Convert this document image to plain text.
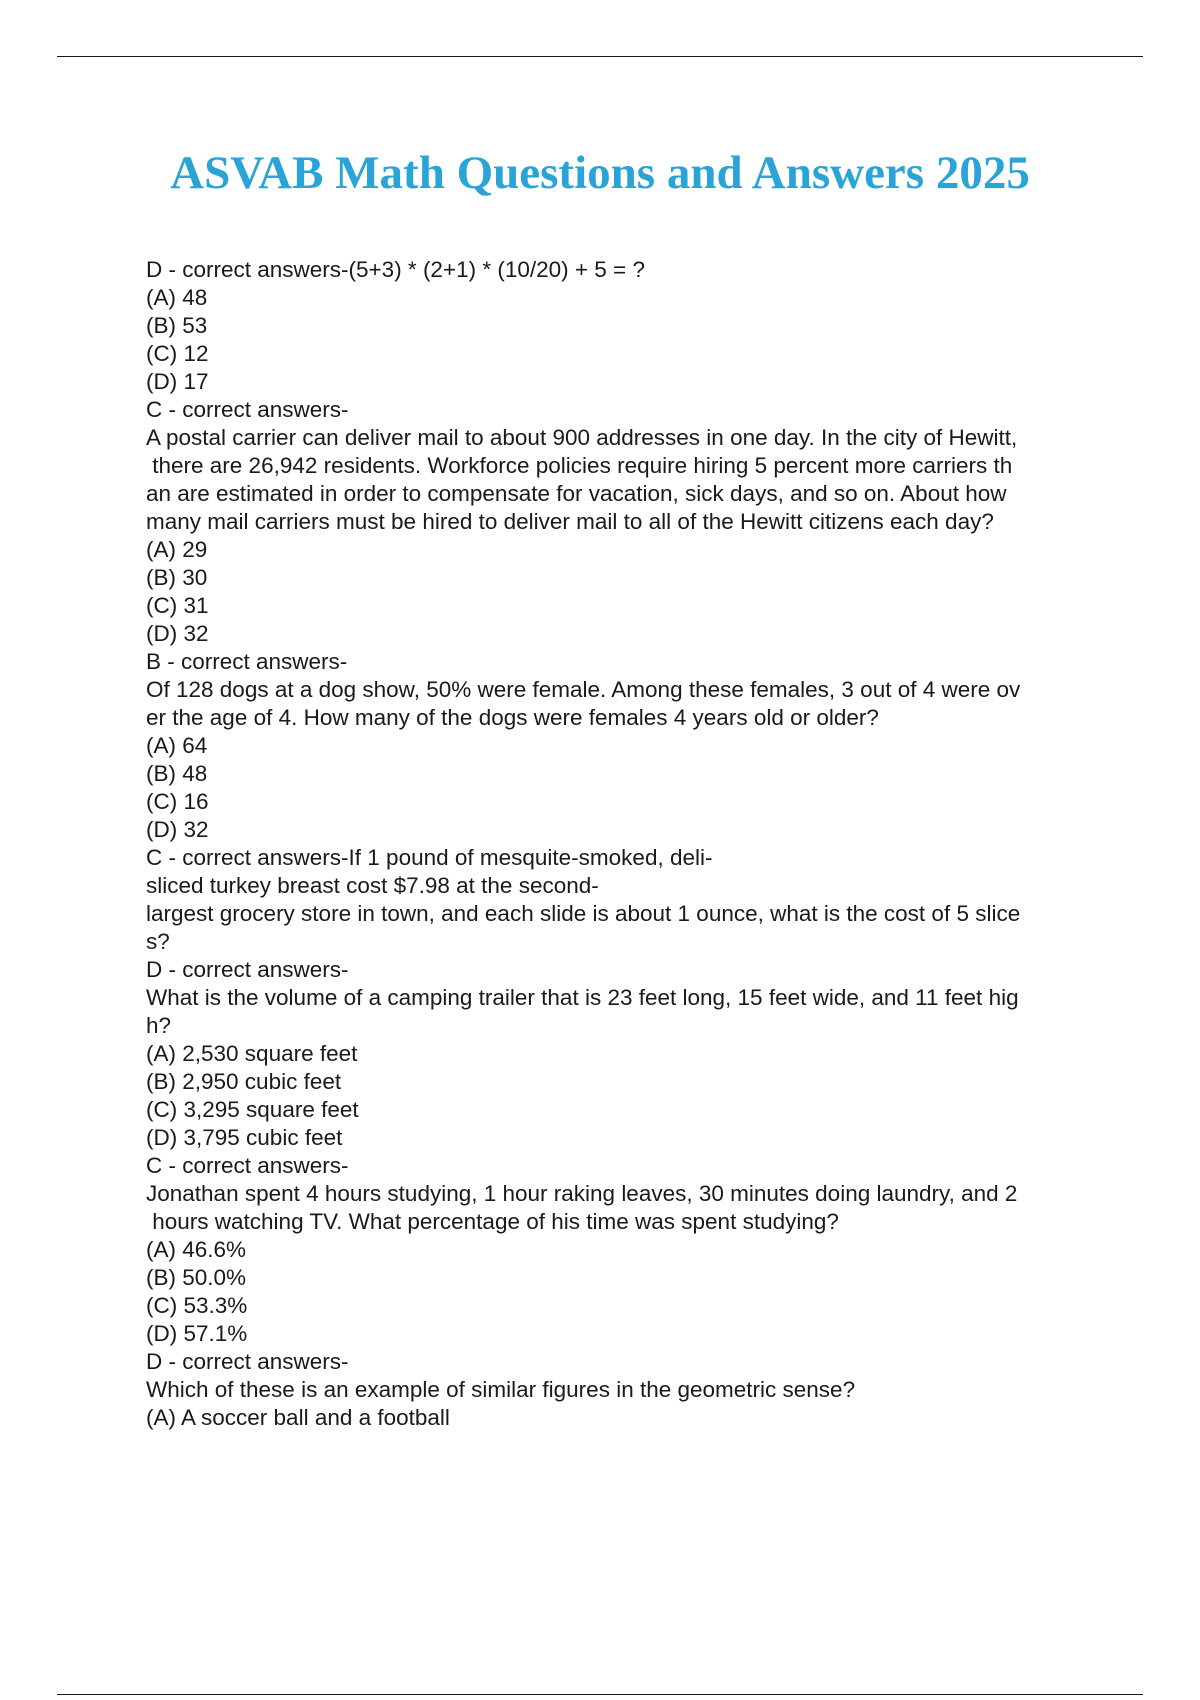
ASVAB Math Questions and Answers 2025
D - correct answers-(5+3) * (2+1) * (10/20) + 5 = ?
(A) 48
(B) 53
(C) 12
(D) 17
C - correct answers-
A postal carrier can deliver mail to about 900 addresses in one day. In the city of Hewitt,
there are 26,942 residents. Workforce policies require hiring 5 percent more carriers th
an are estimated in order to compensate for vacation, sick days, and so on. About how
many mail carriers must be hired to deliver mail to all of the Hewitt citizens each day?
(A) 29
(B) 30
(C) 31
(D) 32
B - correct answers-
Of 128 dogs at a dog show, 50% were female. Among these females, 3 out of 4 were ov
er the age of 4. How many of the dogs were females 4 years old or older?
(A) 64
(B) 48
(C) 16
(D) 32
C - correct answers-If 1 pound of mesquite-smoked, deli-
sliced turkey breast cost $7.98 at the second-
largest grocery store in town, and each slide is about 1 ounce, what is the cost of 5 slice
s?
D - correct answers-
What is the volume of a camping trailer that is 23 feet long, 15 feet wide, and 11 feet hig
h?
(A) 2,530 square feet
(B) 2,950 cubic feet
(C) 3,295 square feet
(D) 3,795 cubic feet
C - correct answers-
Jonathan spent 4 hours studying, 1 hour raking leaves, 30 minutes doing laundry, and 2
hours watching TV. What percentage of his time was spent studying?
(A) 46.6%
(B) 50.0%
(C) 53.3%
(D) 57.1%
D - correct answers-
Which of these is an example of similar figures in the geometric sense?
(A) A soccer ball and a football
